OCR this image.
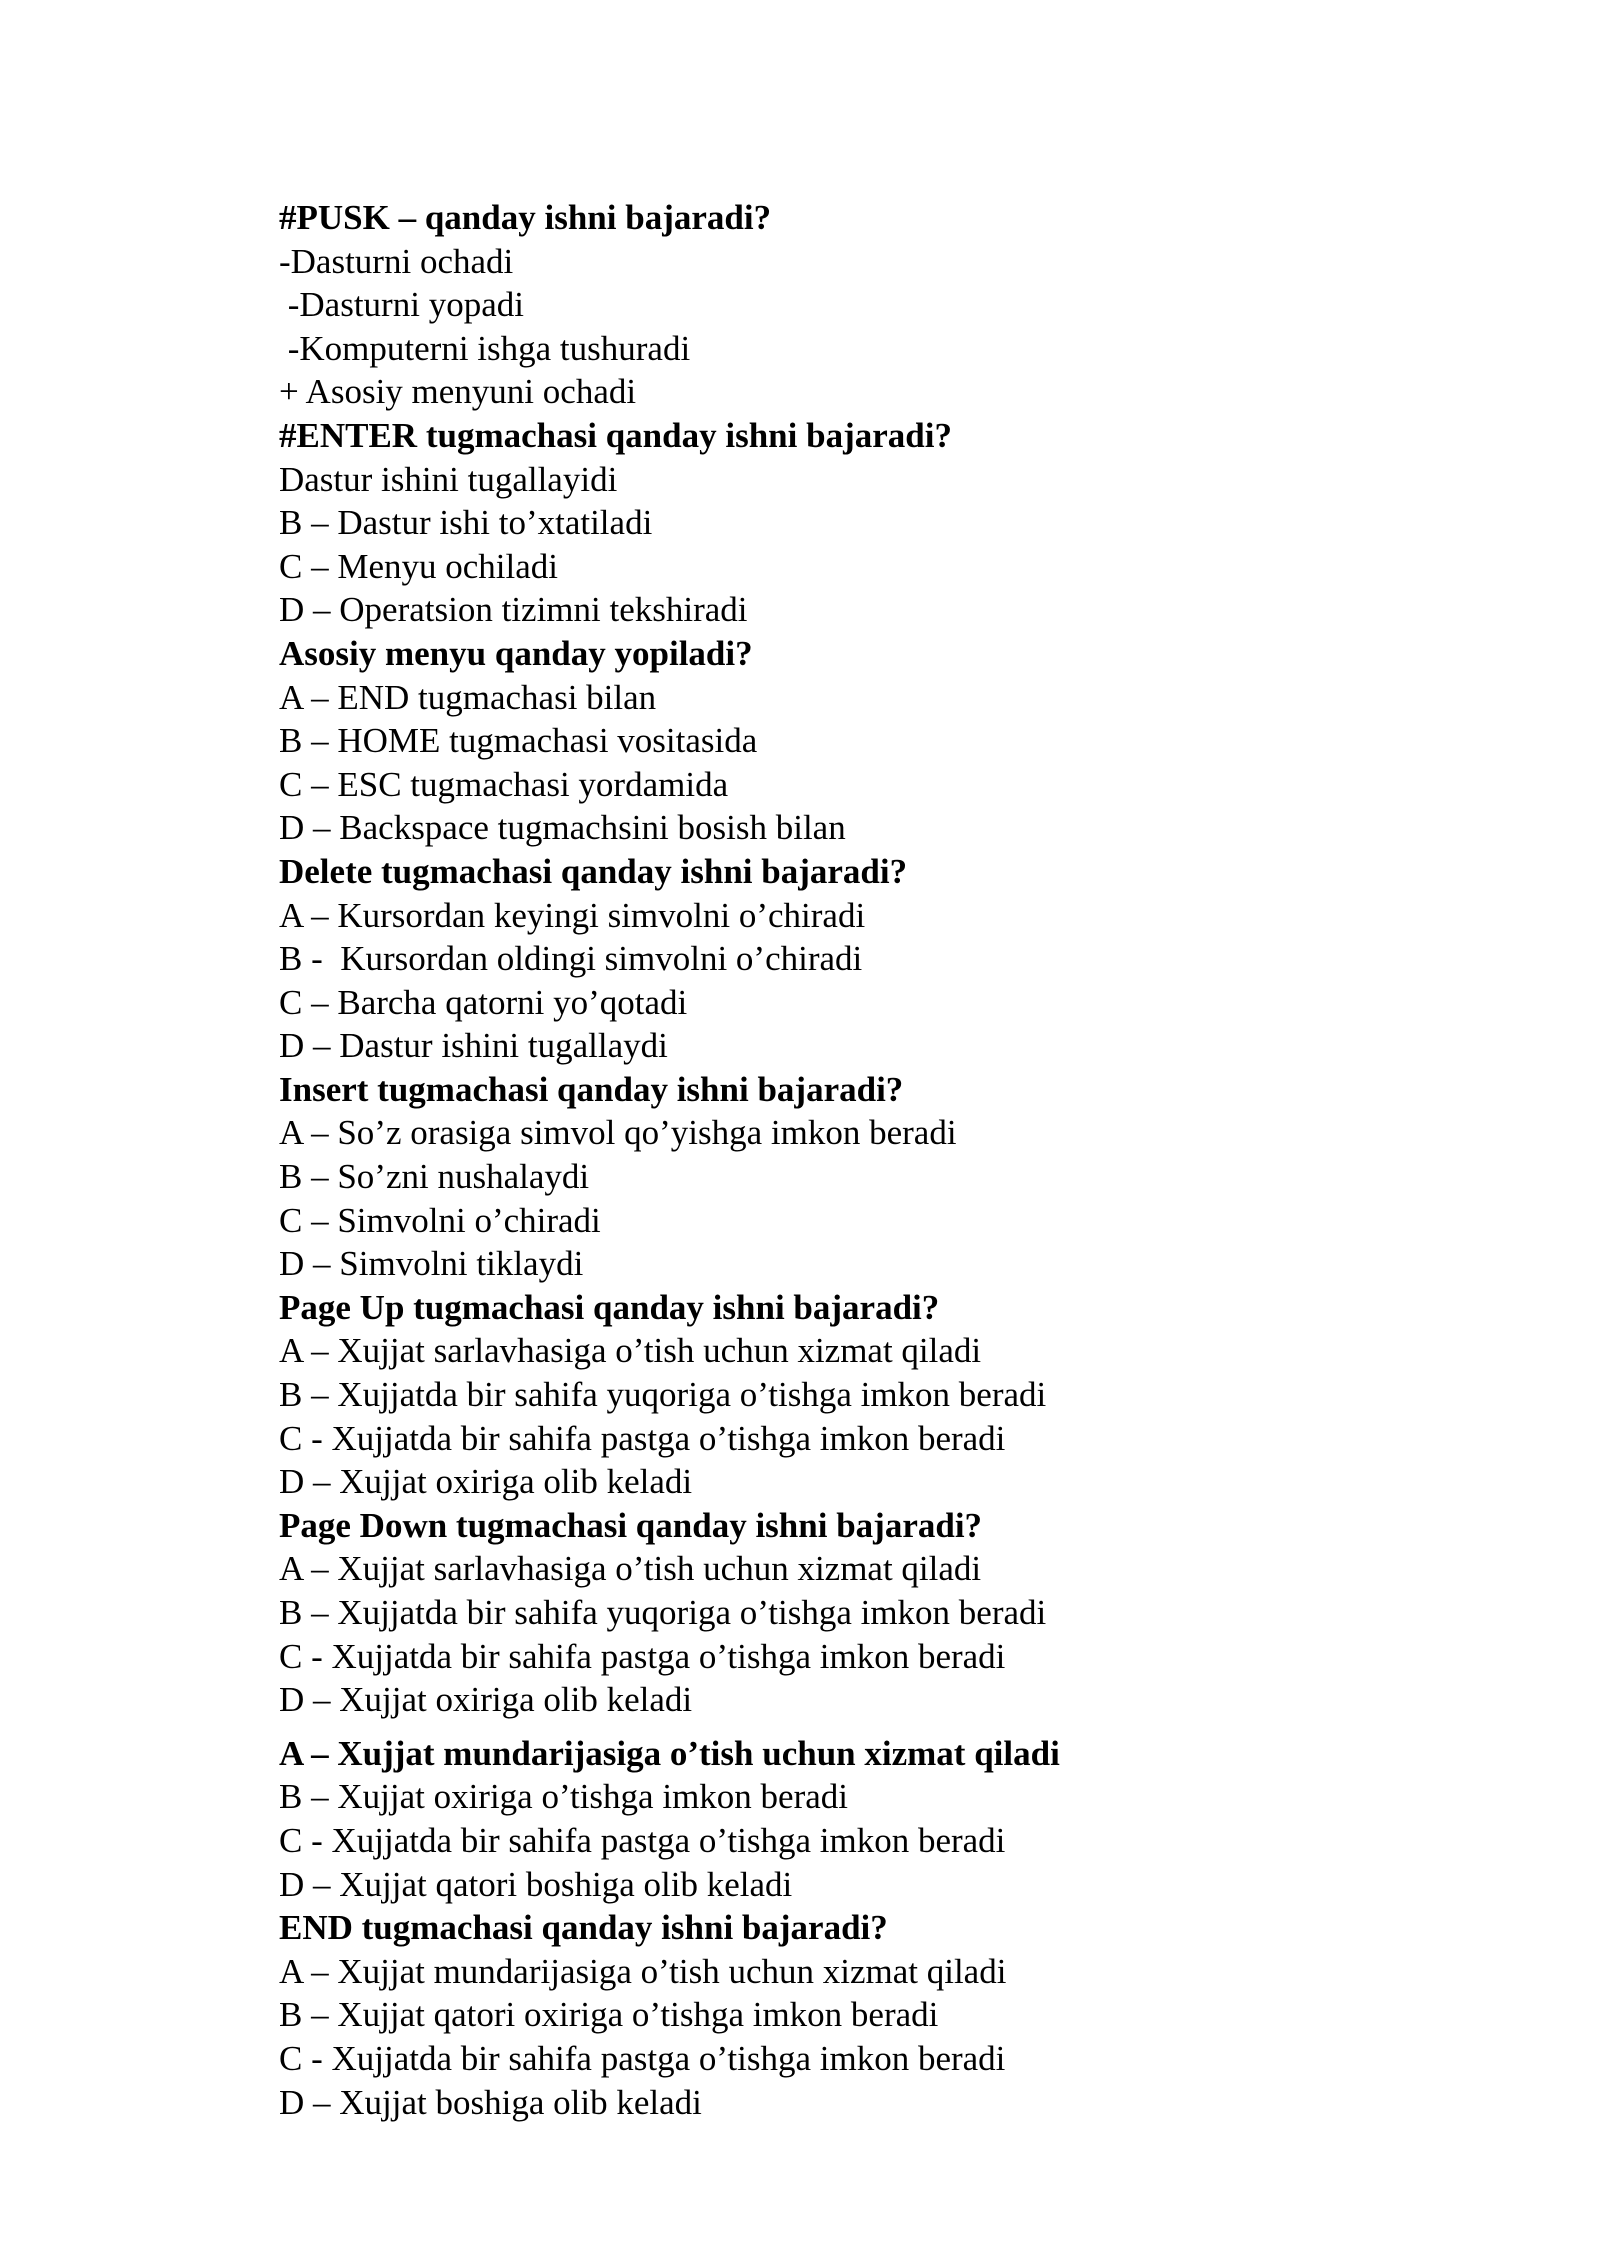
#PUSK – qanday ishni bajaradi?
-Dasturni ochadi
-Dasturni yopadi
-Komputerni ishga tushuradi
+ Asosiy menyuni ochadi
#ENTER tugmachasi qanday ishni bajaradi?
Dastur ishini tugallayidi
B – Dastur ishi to’xtatiladi
C – Menyu ochiladi
D – Operatsion tizimni tekshiradi
Asosiy menyu qanday yopiladi?
A – END tugmachasi bilan
B – HOME tugmachasi vositasida
C – ESC tugmachasi yordamida
D – Backspace tugmachsini bosish bilan
Delete tugmachasi qanday ishni bajaradi?
A – Kursordan keyingi simvolni o’chiradi
B -  Kursordan oldingi simvolni o’chiradi
C – Barcha qatorni yo’qotadi
D – Dastur ishini tugallaydi
Insert tugmachasi qanday ishni bajaradi?
A – So’z orasiga simvol qo’yishga imkon beradi
B – So’zni nushalaydi
C – Simvolni o’chiradi
D – Simvolni tiklaydi
Page Up tugmachasi qanday ishni bajaradi?
A – Xujjat sarlavhasiga o’tish uchun xizmat qiladi
B – Xujjatda bir sahifa yuqoriga o’tishga imkon beradi
C - Xujjatda bir sahifa pastga o’tishga imkon beradi
D – Xujjat oxiriga olib keladi
Page Down tugmachasi qanday ishni bajaradi?
A – Xujjat sarlavhasiga o’tish uchun xizmat qiladi
B – Xujjatda bir sahifa yuqoriga o’tishga imkon beradi
C - Xujjatda bir sahifa pastga o’tishga imkon beradi
D – Xujjat oxiriga olib keladi
A – Xujjat mundarijasiga o’tish uchun xizmat qiladi
B – Xujjat oxiriga o’tishga imkon beradi
C - Xujjatda bir sahifa pastga o’tishga imkon beradi
D – Xujjat qatori boshiga olib keladi
END tugmachasi qanday ishni bajaradi?
A – Xujjat mundarijasiga o’tish uchun xizmat qiladi
B – Xujjat qatori oxiriga o’tishga imkon beradi
C - Xujjatda bir sahifa pastga o’tishga imkon beradi
D – Xujjat boshiga olib keladi
